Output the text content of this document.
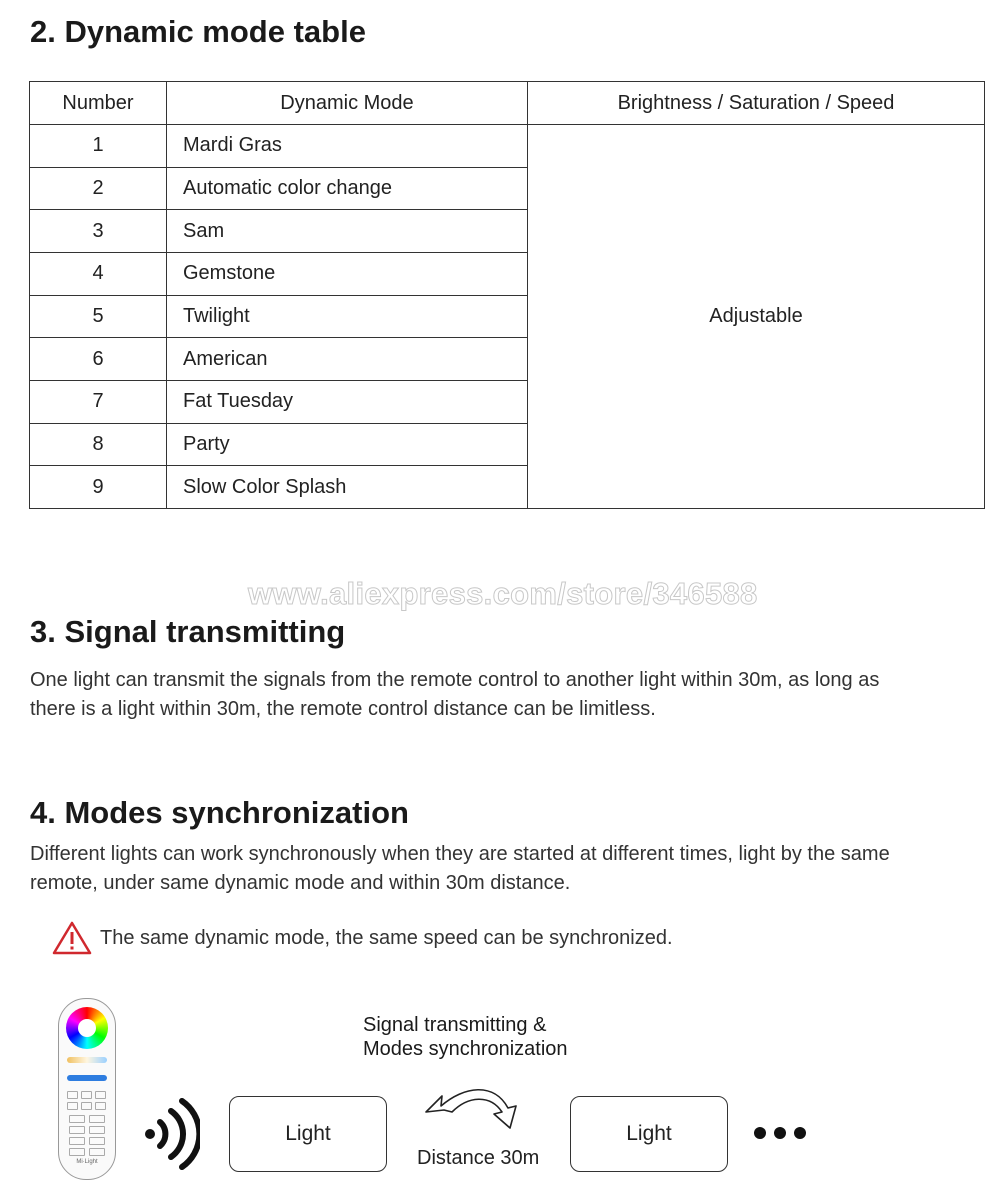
2. Dynamic mode table
Number	Dynamic Mode	Brightness / Saturation / Speed
1	Mardi Gras	Adjustable
2	Automatic color change	
3	Sam	
4	Gemstone	
5	Twilight	
6	American	
7	Fat Tuesday	
8	Party	
9	Slow Color Splash	
www.aliexpress.com/store/346588
3. Signal transmitting

One light can transmit the signals from the remote control to another light within 30m, as long as
there is a light within 30m, the remote control distance can be limitless.

4. Modes synchronization

Different lights can work synchronously when they are started at different times, light by the same
remote, under same dynamic mode and within 30m distance.

The same dynamic mode, the same speed can be synchronized.
Mi·Light
Light
Signal transmitting &
Modes synchronization
Distance 30m
Light
